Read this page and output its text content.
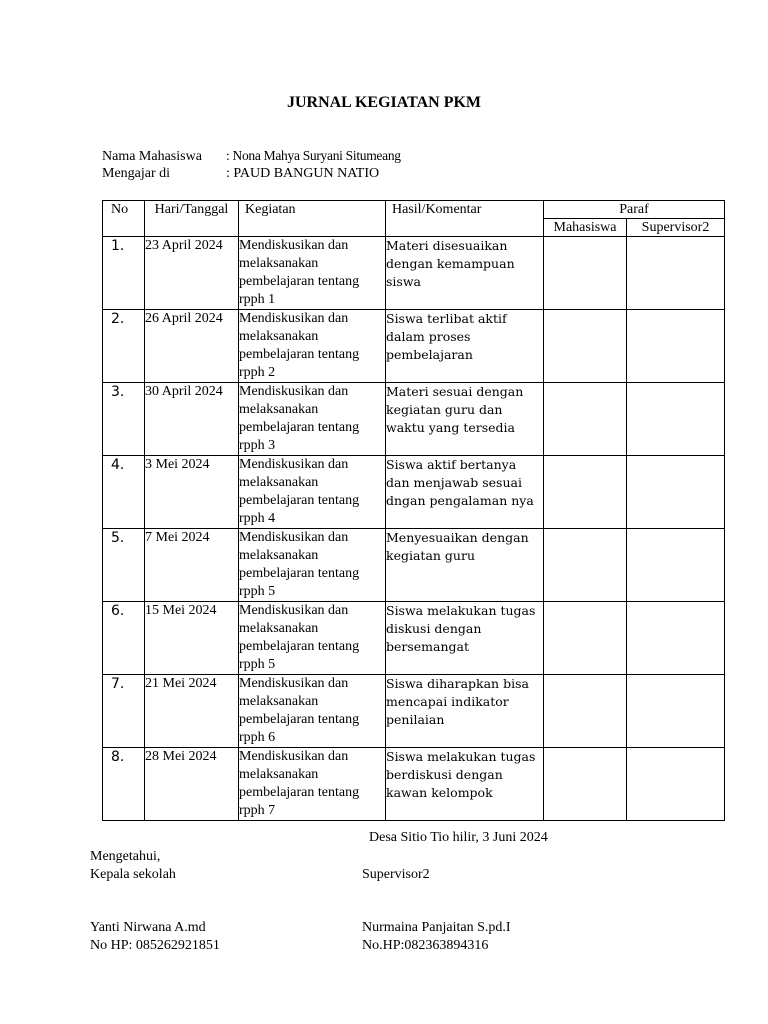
JURNAL KEGIATAN PKM
Nama Mahasiswa : Nona Mahya Suryani Situmeang
Mengajar di	: PAUD BANGUN NATIO
No	Hari/Tanggal	Kegiatan	Hasil/Komentar	Paraf	
				Mahasiswa	Supervisor2
1.	23 April 2024	Mendiskusikan dan melaksanakan pembelajaran tentang rpph 1	Materi disesuaikan dengan kemampuan siswa		
2.	26 April 2024	Mendiskusikan dan melaksanakan pembelajaran tentang rpph 2	Siswa terlibat aktif dalam proses pembelajaran		
3.	30 April 2024	Mendiskusikan dan melaksanakan pembelajaran tentang rpph 3	Materi sesuai dengan kegiatan guru dan waktu yang tersedia		
4.	3 Mei 2024	Mendiskusikan dan melaksanakan pembelajaran tentang rpph 4	Siswa aktif bertanya dan menjawab sesuai dngan pengalaman nya		
5.	7 Mei 2024	Mendiskusikan dan melaksanakan pembelajaran tentang rpph 5	Menyesuaikan dengan kegiatan guru		
6.	15 Mei 2024	Mendiskusikan dan melaksanakan pembelajaran tentang rpph 5	Siswa melakukan tugas diskusi dengan bersemangat		
7.	21 Mei 2024	Mendiskusikan dan melaksanakan pembelajaran tentang rpph 6	Siswa diharapkan bisa mencapai indikator penilaian		
8.	28 Mei 2024	Mendiskusikan dan melaksanakan pembelajaran tentang rpph 7	Siswa melakukan tugas berdiskusi dengan kawan kelompok		
Desa Sitio Tio hilir, 3 Juni 2024
Mengetahui,
Kepala sekolah	Supervisor2
Yanti Nirwana A.md
No HP: 085262921851
Nurmaina Panjaitan S.pd.I
No.HP:082363894316
